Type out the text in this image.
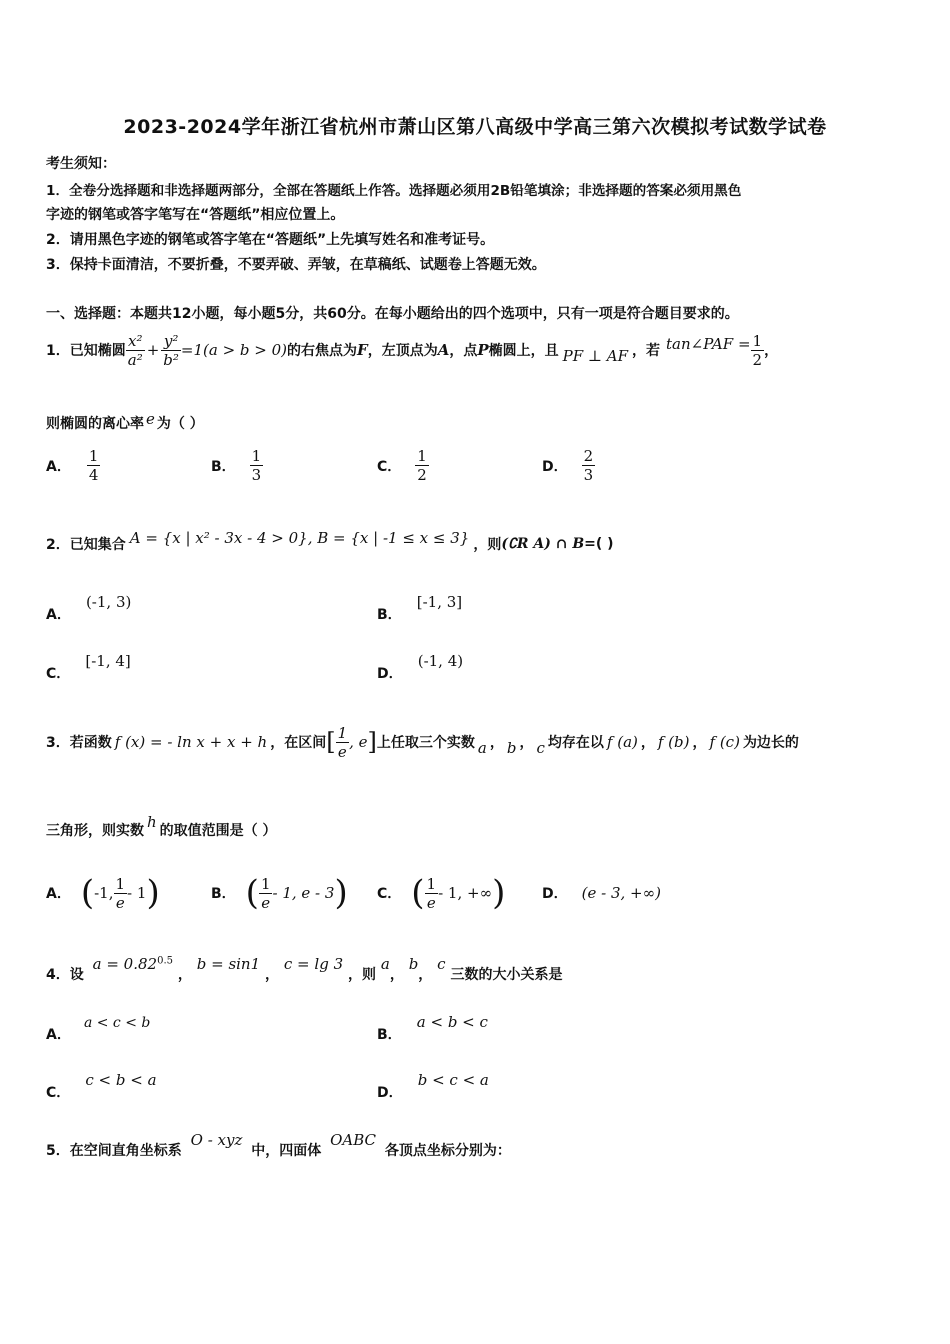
2023-2024学年浙江省杭州市萧山区第八高级中学高三第六次模拟考试数学试卷
考生须知：
1．全卷分选择题和非选择题两部分，全部在答题纸上作答。选择题必须用2B铅笔填涂；非选择题的答案必须用黑色
字迹的钢笔或答字笔写在“答题纸”相应位置上。
2．请用黑色字迹的钢笔或答字笔在“答题纸”上先填写姓名和准考证号。
3．保持卡面清洁，不要折叠，不要弄破、弄皱，在草稿纸、试题卷上答题无效。
一、选择题：本题共12小题，每小题5分，共60分。在每小题给出的四个选项中，只有一项是符合题目要求的。
1．已知椭圆 $\frac{\text{x²}}{\text{a²}} + \frac{\text{y²}}{\text{b²}} =1(a > b > 0)$ 的右焦点为 F ，左顶点为 A ，点 P 椭圆上，且 PF ⊥ AF ，若 tan∠PAF = $\frac{1}{2}$ ，
则椭圆的离心率 e 为（ ）
A． $\frac{1}{4}$	B． $\frac{1}{3}$	C． $\frac{1}{2}$	D． $\frac{2}{3}$
2．已知集合 A = {x | x² - 3x - 4 > 0}, B = {x | -1 ≤ x ≤ 3} ，则 (∁R A) ∩ B =( )
A． (-1, 3)
B． [-1, 3]
C． [-1, 4]
D． (-1, 4)
3．若函数 f (x) = - ln x + x + h ，在区间 [ $\frac{1}{e}$ , e ] 上任取三个实数 a ， b ， c 均存在以 f (a) ， f (b) ， f (c) 为边长的
三角形，则实数 h 的取值范围是（ ）
A． ( -1, $\frac{1}{e} - 1$ )	B． ( $\frac{1}{e} - 1$, e - 3 ) C． ( $\frac{1}{e} - 1$, +∞ )	D． (e - 3, +∞)
4．设 $a = 0.82^{0.5}$ ， b = sin1 ， c = lg 3 ，则 a， b， c 三数的大小关系是
A． a < c < b
B． a < b < c
C． c < b < a
D． b < c < a
5．在空间直角坐标系 O - xyz 中，四面体 OABC 各顶点坐标分别为：
